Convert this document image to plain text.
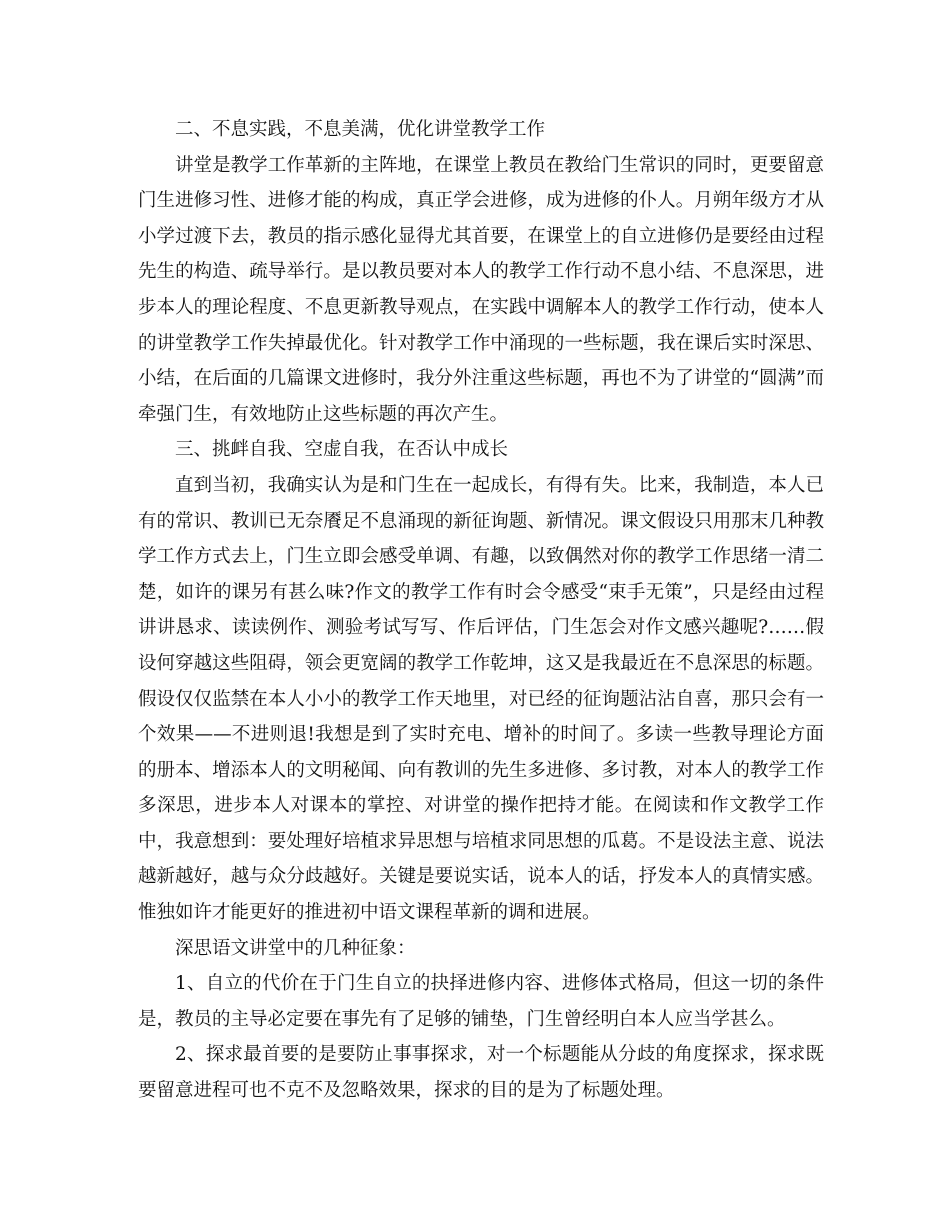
二、不息实践，不息美满，优化讲堂教学工作

讲堂是教学工作革新的主阵地，在课堂上教员在教给门生常识的同时，更要留意门生进修习性、进修才能的构成，真正学会进修，成为进修的仆人。月朔年级方才从小学过渡下去，教员的指示感化显得尤其首要，在课堂上的自立进修仍是要经由过程先生的构造、疏导举行。是以教员要对本人的教学工作行动不息小结、不息深思，进步本人的理论程度、不息更新教导观点，在实践中调解本人的教学工作行动，使本人的讲堂教学工作失掉最优化。针对教学工作中涌现的一些标题，我在课后实时深思、小结，在后面的几篇课文进修时，我分外注重这些标题，再也不为了讲堂的“圆满”而牵强门生，有效地防止这些标题的再次产生。

三、挑衅自我、空虚自我，在否认中成长

直到当初，我确实认为是和门生在一起成长，有得有失。比来，我制造，本人已有的常识、教训已无奈餍足不息涌现的新征询题、新情况。课文假设只用那末几种教学工作方式去上，门生立即会感受单调、有趣，以致偶然对你的教学工作思绪一清二楚，如许的课另有甚么味?作文的教学工作有时会令感受“束手无策”，只是经由过程讲讲恳求、读读例作、测验考试写写、作后评估，门生怎会对作文感兴趣呢?……假设何穿越这些阻碍，领会更宽阔的教学工作乾坤，这又是我最近在不息深思的标题。假设仅仅监禁在本人小小的教学工作天地里，对已经的征询题沾沾自喜，那只会有一个效果——不进则退!我想是到了实时充电、增补的时间了。多读一些教导理论方面的册本、增添本人的文明秘闻、向有教训的先生多进修、多讨教，对本人的教学工作多深思，进步本人对课本的掌控、对讲堂的操作把持才能。在阅读和作文教学工作中，我意想到：要处理好培植求异思想与培植求同思想的瓜葛。不是设法主意、说法越新越好，越与众分歧越好。关键是要说实话，说本人的话，抒发本人的真情实感。惟独如许才能更好的推进初中语文课程革新的调和进展。

深思语文讲堂中的几种征象：

1、自立的代价在于门生自立的抉择进修内容、进修体式格局，但这一切的条件是，教员的主导必定要在事先有了足够的铺垫，门生曾经明白本人应当学甚么。

2、探求最首要的是要防止事事探求，对一个标题能从分歧的角度探求，探求既要留意进程可也不克不及忽略效果，探求的目的是为了标题处理。
